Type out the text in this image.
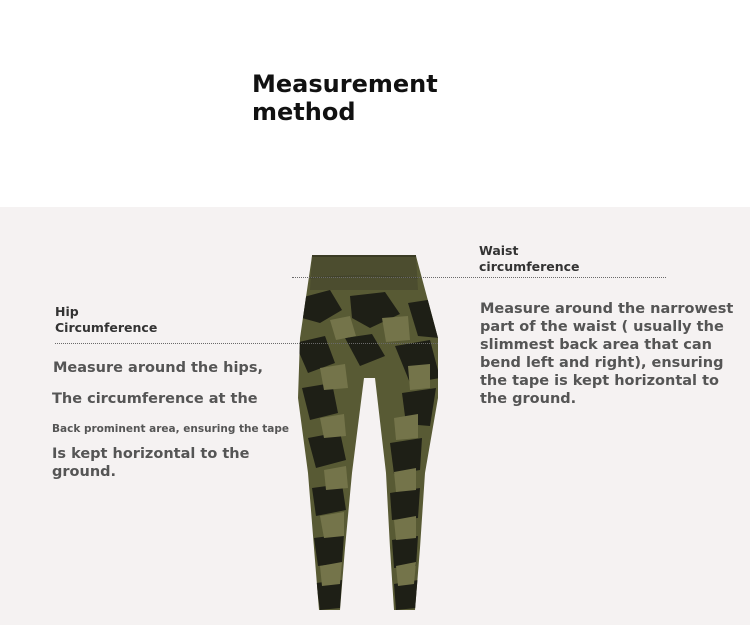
Measurement
method
Waist
circumference
Measure around the narrowest part of the waist ( usually the slimmest back area that can bend left and right), ensuring the tape is kept horizontal to the ground.
Hip
Circumference
Measure around the hips,
The circumference at the
Back prominent area, ensuring the tape
Is kept horizontal to the
ground.
